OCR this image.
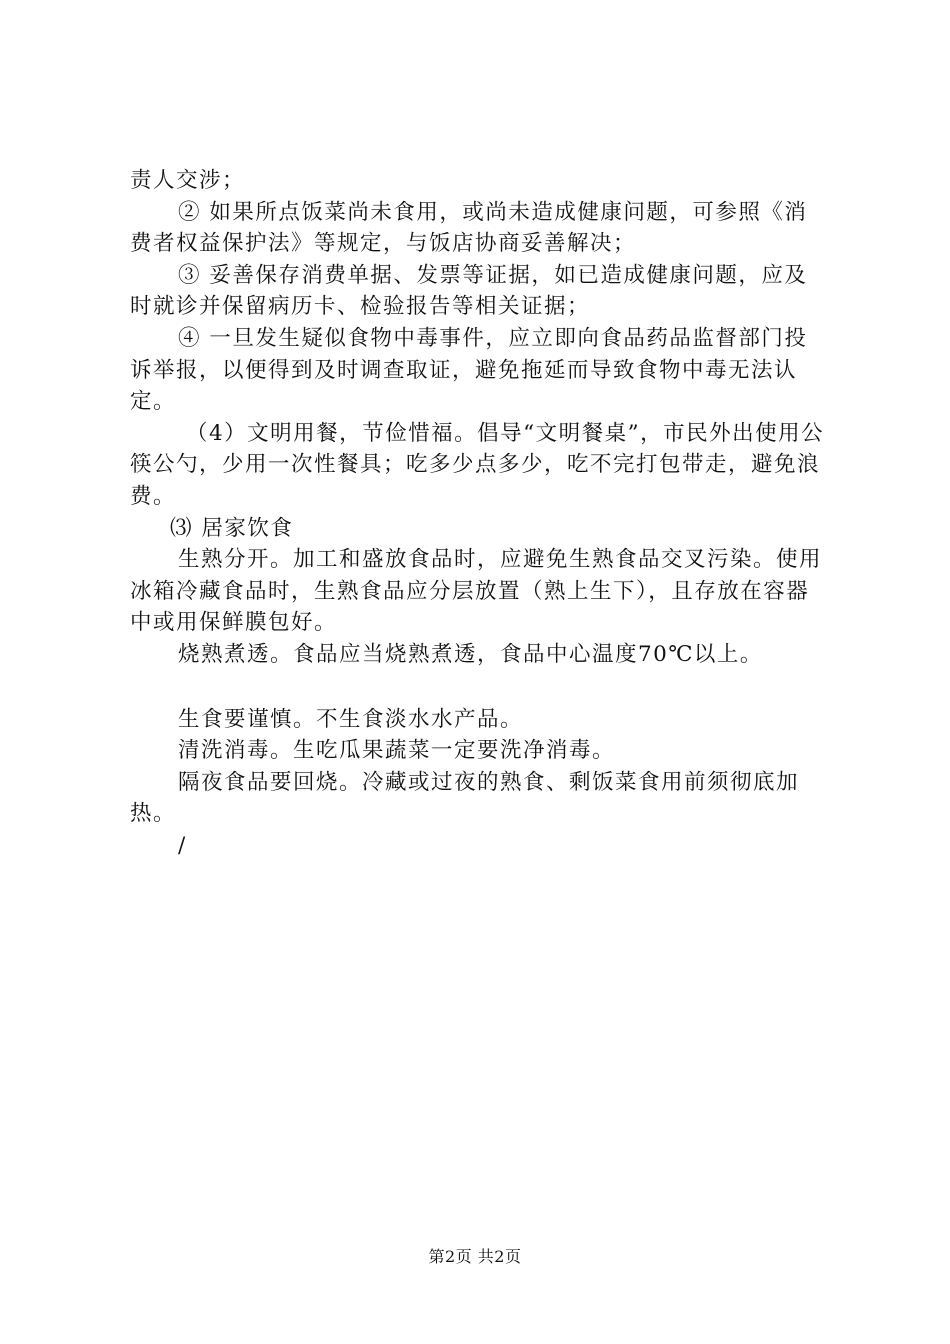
责人交涉；

② 如果所点饭菜尚未食用，或尚未造成健康问题，可参照《消费者权益保护法》等规定，与饭店协商妥善解决；

③ 妥善保存消费单据、发票等证据，如已造成健康问题，应及时就诊并保留病历卡、检验报告等相关证据；

④ 一旦发生疑似食物中毒事件，应立即向食品药品监督部门投诉举报，以便得到及时调查取证，避免拖延而导致食物中毒无法认定。

（4）文明用餐，节俭惜福。倡导“文明餐桌”，市民外出使用公筷公勺，少用一次性餐具；吃多少点多少，吃不完打包带走，避免浪费。

⑶ 居家饮食

生熟分开。加工和盛放食品时，应避免生熟食品交叉污染。使用冰箱冷藏食品时，生熟食品应分层放置（熟上生下），且存放在容器中或用保鲜膜包好。

烧熟煮透。食品应当烧熟煮透，食品中心温度70℃以上。

生食要谨慎。不生食淡水水产品。

清洗消毒。生吃瓜果蔬菜一定要洗净消毒。

隔夜食品要回烧。冷藏或过夜的熟食、剩饭菜食用前须彻底加热。

/

第2页 共2页
